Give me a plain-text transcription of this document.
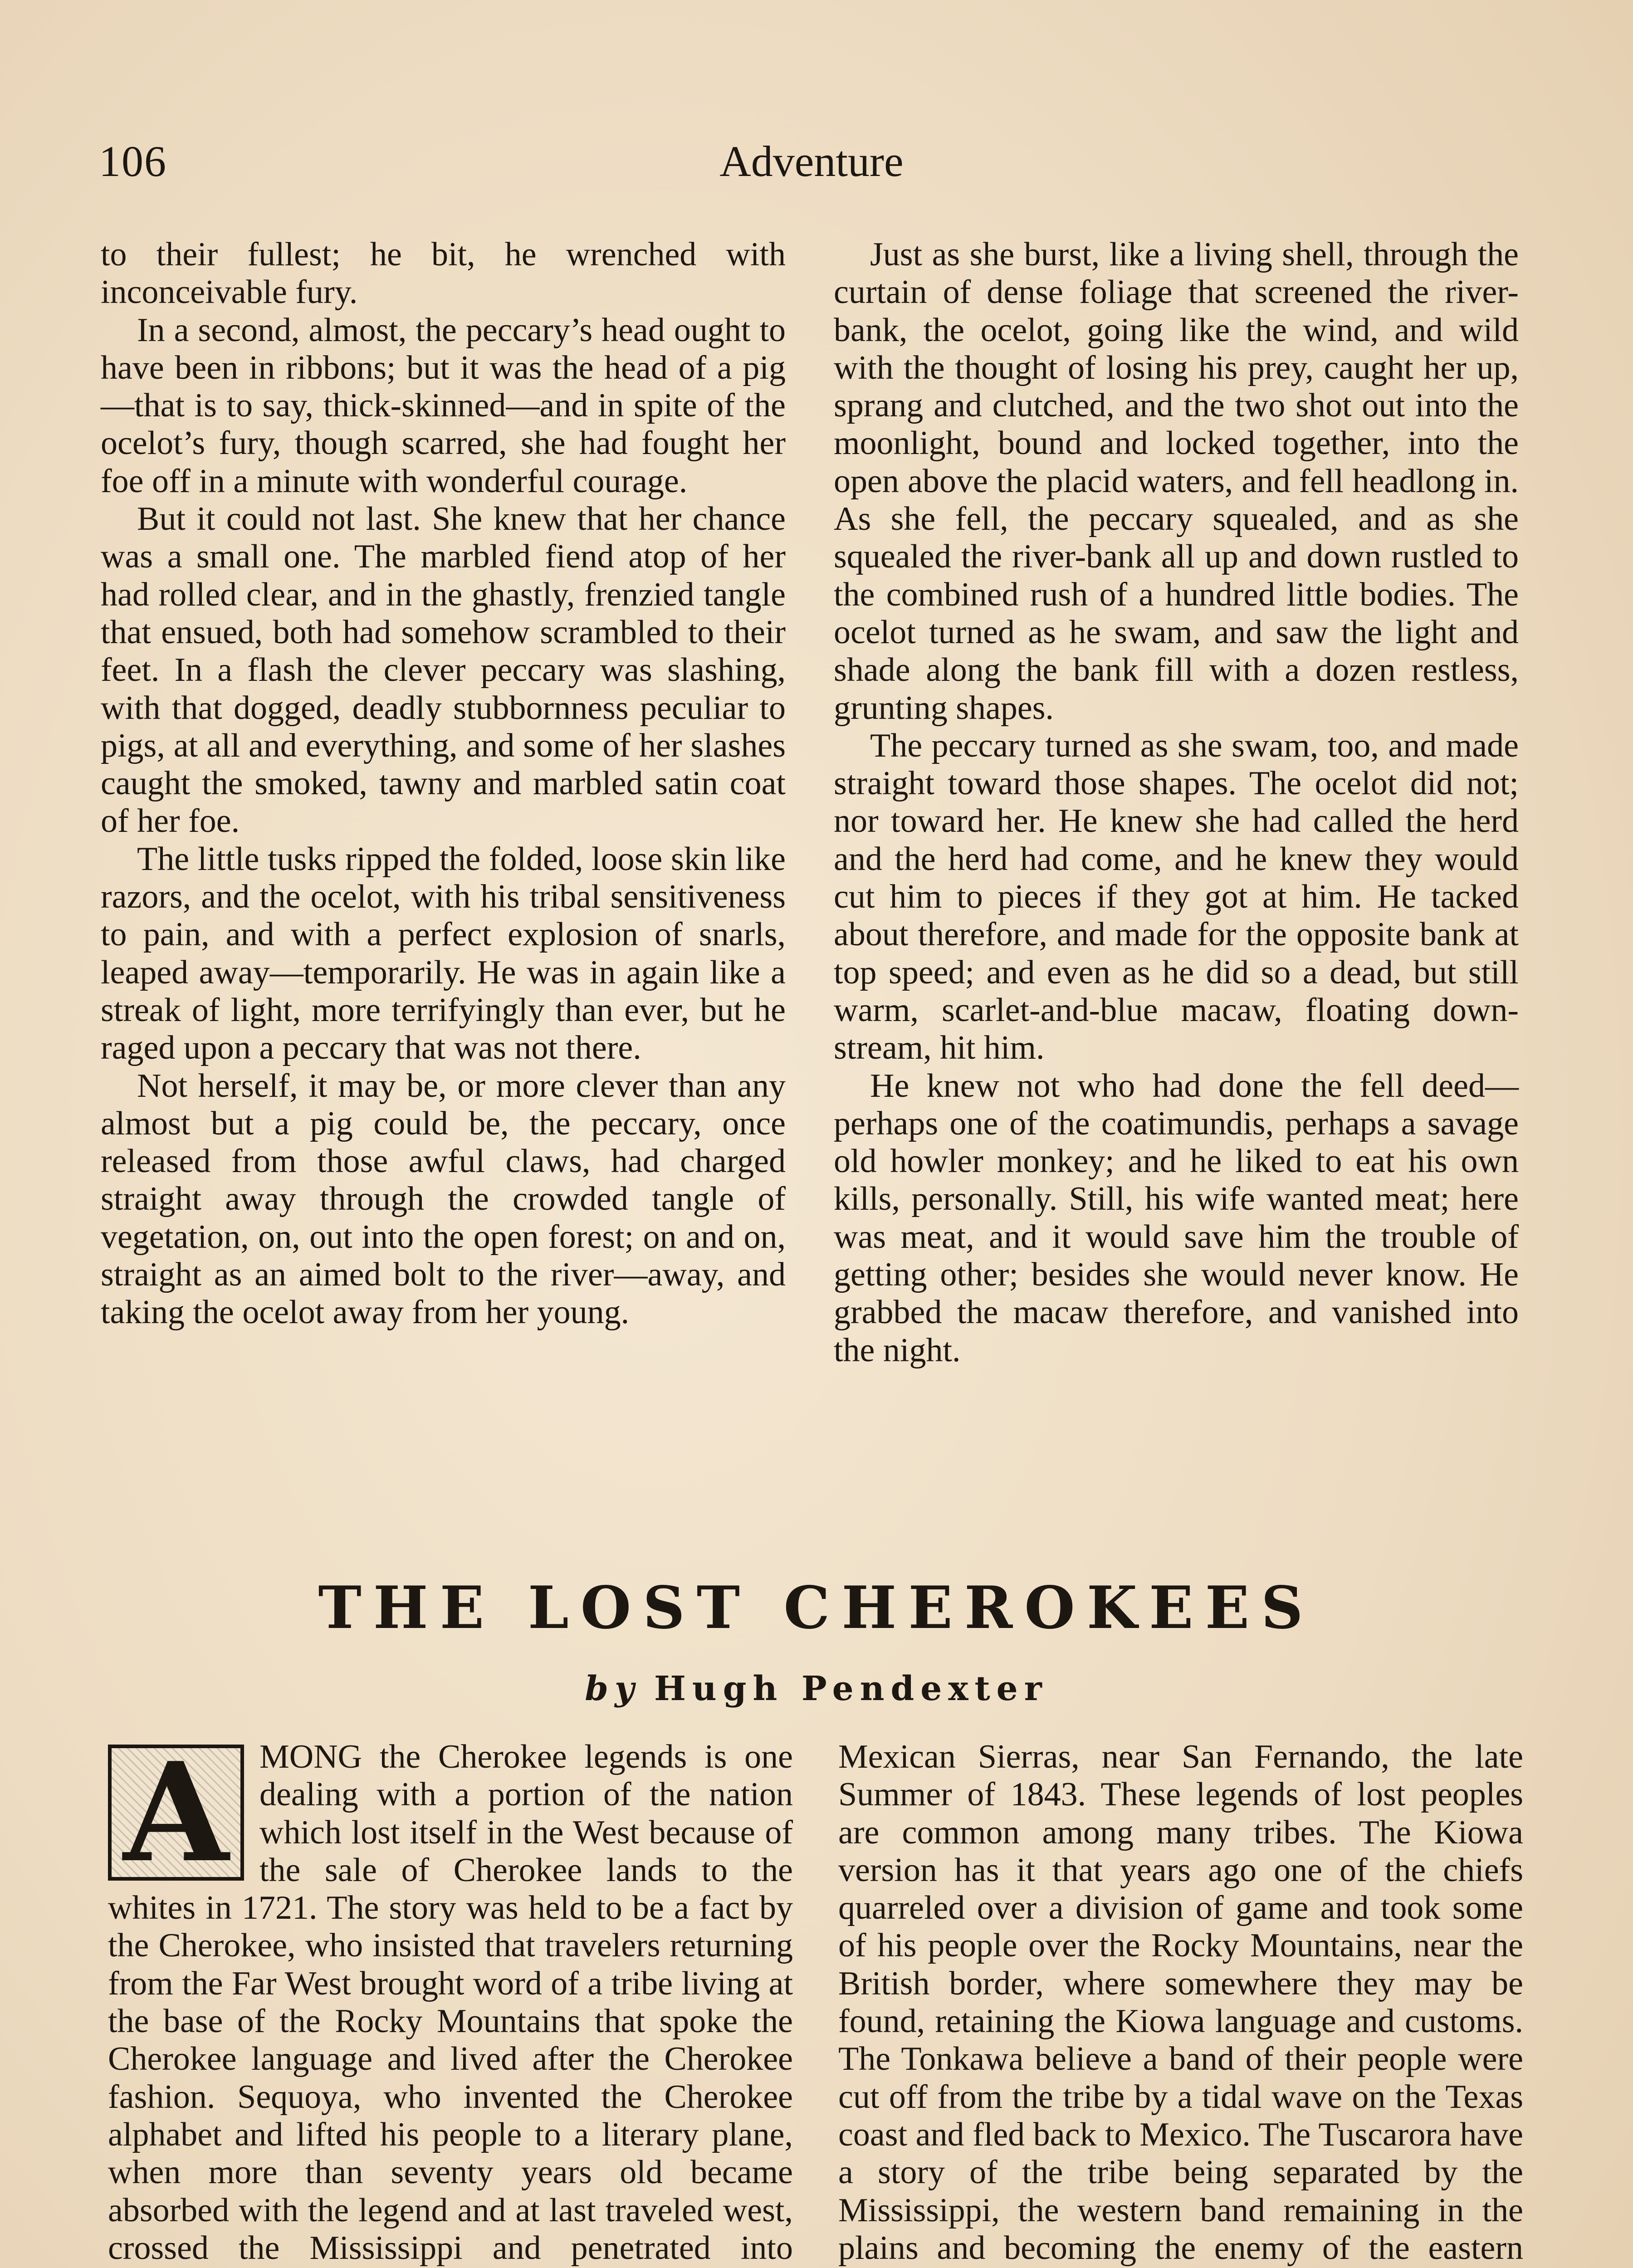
106	Adventure

to their fullest; he bit, he wrenched with inconceivable fury.

In a second, almost, the peccary’s head ought to have been in ribbons; but it was the head of a pig—that is to say, thick-skinned—and in spite of the ocelot’s fury, though scarred, she had fought her foe off in a minute with wonderful courage.

But it could not last. She knew that her chance was a small one. The marbled fiend atop of her had rolled clear, and in the ghastly, frenzied tangle that ensued, both had somehow scrambled to their feet. In a flash the clever peccary was slashing, with that dogged, deadly stubbornness peculiar to pigs, at all and everything, and some of her slashes caught the smoked, tawny and marbled satin coat of her foe.

The little tusks ripped the folded, loose skin like razors, and the ocelot, with his tribal sensitiveness to pain, and with a perfect explosion of snarls, leaped away—temporarily. He was in again like a streak of light, more terrifyingly than ever, but he raged upon a peccary that was not there.

Not herself, it may be, or more clever than any almost but a pig could be, the peccary, once released from those awful claws, had charged straight away through the crowded tangle of vegetation, on, out into the open forest; on and on, straight as an aimed bolt to the river—away, and taking the ocelot away from her young.

Just as she burst, like a living shell, through the curtain of dense foliage that screened the river-bank, the ocelot, going like the wind, and wild with the thought of losing his prey, caught her up, sprang and clutched, and the two shot out into the moonlight, bound and locked together, into the open above the placid waters, and fell headlong in. As she fell, the peccary squealed, and as she squealed the river-bank all up and down rustled to the combined rush of a hundred little bodies. The ocelot turned as he swam, and saw the light and shade along the bank fill with a dozen restless, grunting shapes.

The peccary turned as she swam, too, and made straight toward those shapes. The ocelot did not; nor toward her. He knew she had called the herd and the herd had come, and he knew they would cut him to pieces if they got at him. He tacked about therefore, and made for the opposite bank at top speed; and even as he did so a dead, but still warm, scarlet-and-blue macaw, floating down-stream, hit him.

He knew not who had done the fell deed—perhaps one of the coatimundis, perhaps a savage old howler monkey; and he liked to eat his own kills, personally. Still, his wife wanted meat; here was meat, and it would save him the trouble of getting other; besides she would never know. He grabbed the macaw therefore, and vanished into the night.

THE LOST CHEROKEES
by Hugh Pendexter
A MONG the Cherokee legends is one dealing with a portion of the nation which lost itself in the West because of the sale of Cherokee lands to the whites in 1721. The story was held to be a fact by the Cherokee, who insisted that travelers returning from the Far West brought word of a tribe living at the base of the Rocky Mountains that spoke the Cherokee language and lived after the Cherokee fashion. Sequoya, who invented the Cherokee alphabet and lifted his people to a literary plane, when more than seventy years old became absorbed with the legend and at last traveled west, crossed the Mississippi and penetrated into

Mexican Sierras, near San Fernando, the late Summer of 1843. These legends of lost peoples are common among many tribes. The Kiowa version has it that years ago one of the chiefs quarreled over a division of game and took some of his people over the Rocky Mountains, near the British border, where somewhere they may be found, retaining the Kiowa language and customs. The Tonkawa believe a band of their people were cut off from the tribe by a tidal wave on the Texas coast and fled back to Mexico. The Tuscarora have a story of the tribe being separated by the Mississippi, the western band remaining in the plains and becoming the enemy of the eastern
